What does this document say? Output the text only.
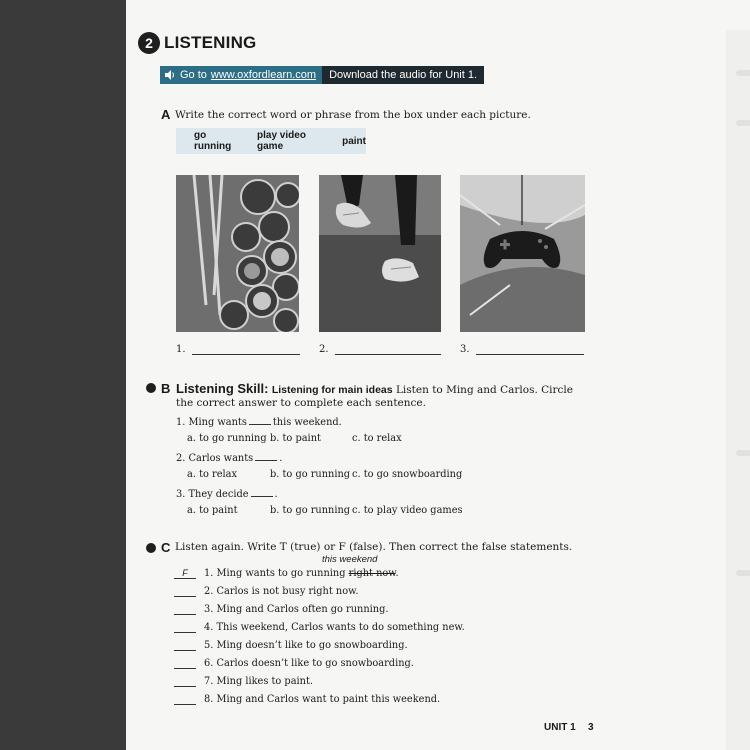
2 LISTENING
Go to www.oxfordlearn.com	Download the audio for Unit 1.
A Write the correct word or phrase from the box under each picture.
go running
play video game	paint
1.	2.	3.
B Listening Skill: Listening for main ideas Listen to Ming and Carlos. Circle
the correct answer to complete each sentence.
1. Ming wants	this weekend.
a. to go running b. to paint	c. to relax
2. Carlos wants	.
a. to relax	b. to go running c. to go snowboarding
3. They decide	.
a. to paint	b. to go running c. to play video games
C Listen again. Write T (true) or F (false). Then correct the false statements.
this weekend
F 1. Ming wants to go running right now.
2. Carlos is not busy right now.
3. Ming and Carlos often go running.
4. This weekend, Carlos wants to do something new.
5. Ming doesn’t like to go snowboarding.
6. Carlos doesn’t like to go snowboarding.
7. Ming likes to paint.
8. Ming and Carlos want to paint this weekend.
UNIT 1 3
